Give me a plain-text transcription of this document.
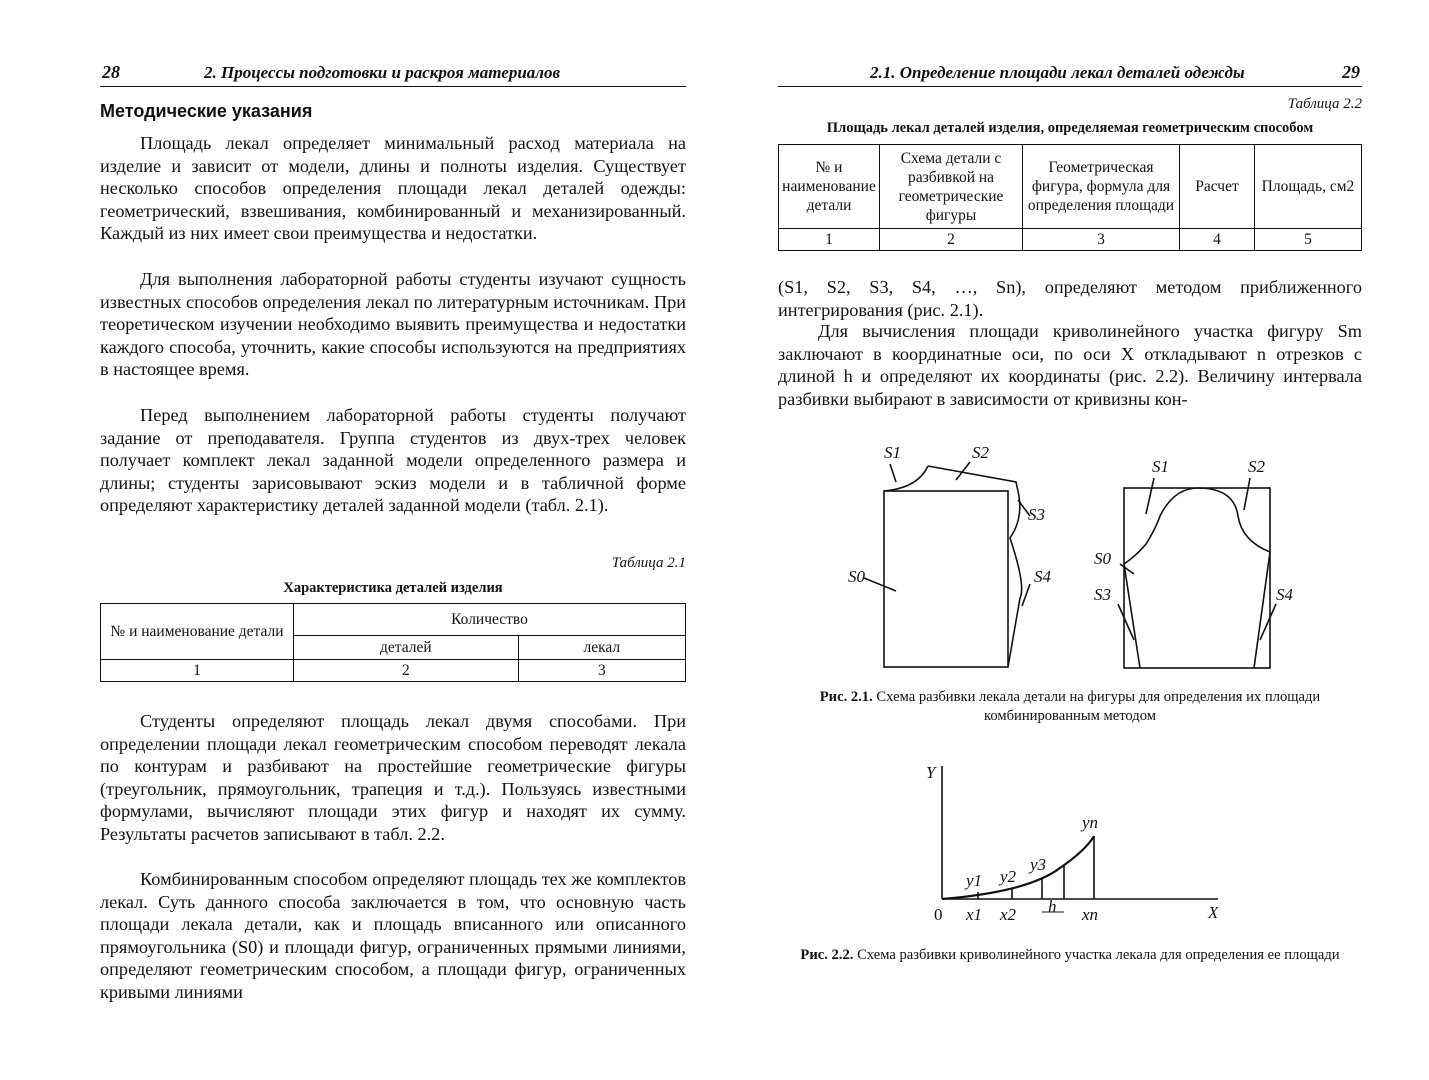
28	2. Процессы подготовки и раскроя материалов
Методические указания

Площадь лекал определяет минимальный расход материала на изделие и зависит от модели, длины и полноты изделия. Существует несколько способов определения площади лекал деталей одежды: геометрический, взвешивания, комбинированный и механизированный. Каждый из них имеет свои преимущества и недостатки.

Для выполнения лабораторной работы студенты изучают сущность известных способов определения лекал по литературным источникам. При теоретическом изучении необходимо выявить преимущества и недостатки каждого способа, уточнить, какие способы используются на предприятиях в настоящее время.

Перед выполнением лабораторной работы студенты получают задание от преподавателя. Группа студентов из двух-трех человек получает комплект лекал заданной модели определенного размера и длины; студенты зарисовывают эскиз модели и в табличной форме определяют характеристику деталей заданной модели (табл. 2.1).

Таблица 2.1
Характеристика деталей изделия
№ и наименование детали	Количество	
	деталей	лекал
1	2	3

Студенты определяют площадь лекал двумя способами. При определении площади лекал геометрическим способом переводят лекала по контурам и разбивают на простейшие геометрические фигуры (треугольник, прямоугольник, трапеция и т.д.). Пользуясь известными формулами, вычисляют площади этих фигур и находят их сумму. Результаты расчетов записывают в табл. 2.2.

Комбинированным способом определяют площадь тех же комплектов лекал. Суть данного способа заключается в том, что основную часть площади лекала детали, как и площадь вписанного или описанного прямоугольника (S0) и площади фигур, ограниченных прямыми линиями, определяют геометрическим способом, а площади фигур, ограниченных кривыми линиями

2.1. Определение площади лекал деталей одежды	29
Таблица 2.2
Площадь лекал деталей изделия, определяемая геометрическим способом
№ и наименование детали	Схема детали с разбивкой на геометрические фигуры	Геометрическая фигура, формула для определения площади	Расчет	Площадь, см2
1	2	3	4	5

(S1, S2, S3, S4, …, Sn), определяют методом приближенного интегрирования (рис. 2.1).

Для вычисления площади криволинейного участка фигуру Sm заключают в координатные оси, по оси X откладывают n отрезков с длиной h и определяют их координаты (рис. 2.2). Величину интервала разбивки выбирают в зависимости от кривизны кон-

S1	S2
S3
S0	S4
S1	S2
S0
S3	S4
Рис. 2.1. Схема разбивки лекала детали на фигуры для определения их площади комбинированным методом
Y
X
0
y1 y2
y3
yn
x1 x2 h xn
Рис. 2.2. Схема разбивки криволинейного участка лекала для определения ее площади
